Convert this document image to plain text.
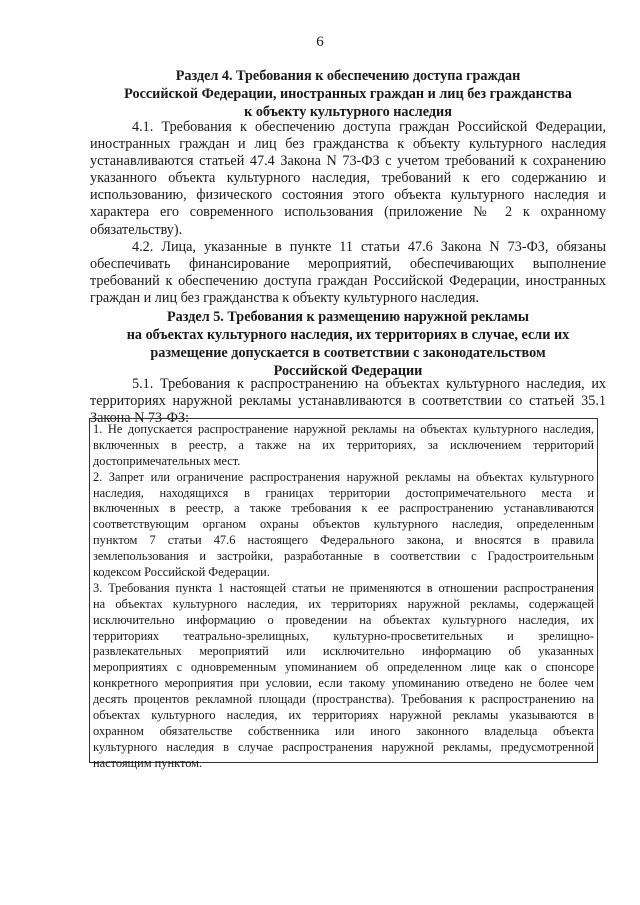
6
Раздел 4. Требования к обеспечению доступа граждан
Российской Федерации, иностранных граждан и лиц без гражданства
к объекту культурного наследия
4.1. Требования к обеспечению доступа граждан Российской Федерации,
иностранных граждан и лиц без гражданства к объекту культурного наследия
устанавливаются статьей 47.4 Закона N 73-ФЗ с учетом требований к сохранению
указанного объекта культурного наследия, требований к его содержанию и
использованию, физического состояния этого объекта культурного наследия и
характера его современного использования (приложение № 2 к охранному
обязательству).
4.2. Лица, указанные в пункте 11 статьи 47.6 Закона N 73-ФЗ, обязаны
обеспечивать финансирование мероприятий, обеспечивающих выполнение
требований к обеспечению доступа граждан Российской Федерации, иностранных
граждан и лиц без гражданства к объекту культурного наследия.
Раздел 5. Требования к размещению наружной рекламы
на объектах культурного наследия, их территориях в случае, если их
размещение допускается в соответствии с законодательством
Российской Федерации
5.1. Требования к распространению на объектах культурного наследия, их
территориях наружной рекламы устанавливаются в соответствии со статьей 35.1
Закона N 73-ФЗ:
1. Не допускается распространение наружной рекламы на объектах культурного наследия,
включенных в реестр, а также на их территориях, за исключением территорий
достопримечательных мест.
2. Запрет или ограничение распространения наружной рекламы на объектах культурного
наследия, находящихся в границах территории достопримечательного места и
включенных в реестр, а также требования к ее распространению устанавливаются
соответствующим органом охраны объектов культурного наследия, определенным
пунктом 7 статьи 47.6 настоящего Федерального закона, и вносятся в правила
землепользования и застройки, разработанные в соответствии с Градостроительным
кодексом Российской Федерации.
3. Требования пункта 1 настоящей статьи не применяются в отношении распространения
на объектах культурного наследия, их территориях наружной рекламы, содержащей
исключительно информацию о проведении на объектах культурного наследия, их
территориях театрально-зрелищных, культурно-просветительных и зрелищно-
развлекательных мероприятий или исключительно информацию об указанных
мероприятиях с одновременным упоминанием об определенном лице как о спонсоре
конкретного мероприятия при условии, если такому упоминанию отведено не более чем
десять процентов рекламной площади (пространства). Требования к распространению на
объектах культурного наследия, их территориях наружной рекламы указываются в
охранном обязательстве собственника или иного законного владельца объекта
культурного наследия в случае распространения наружной рекламы, предусмотренной
настоящим пунктом.
